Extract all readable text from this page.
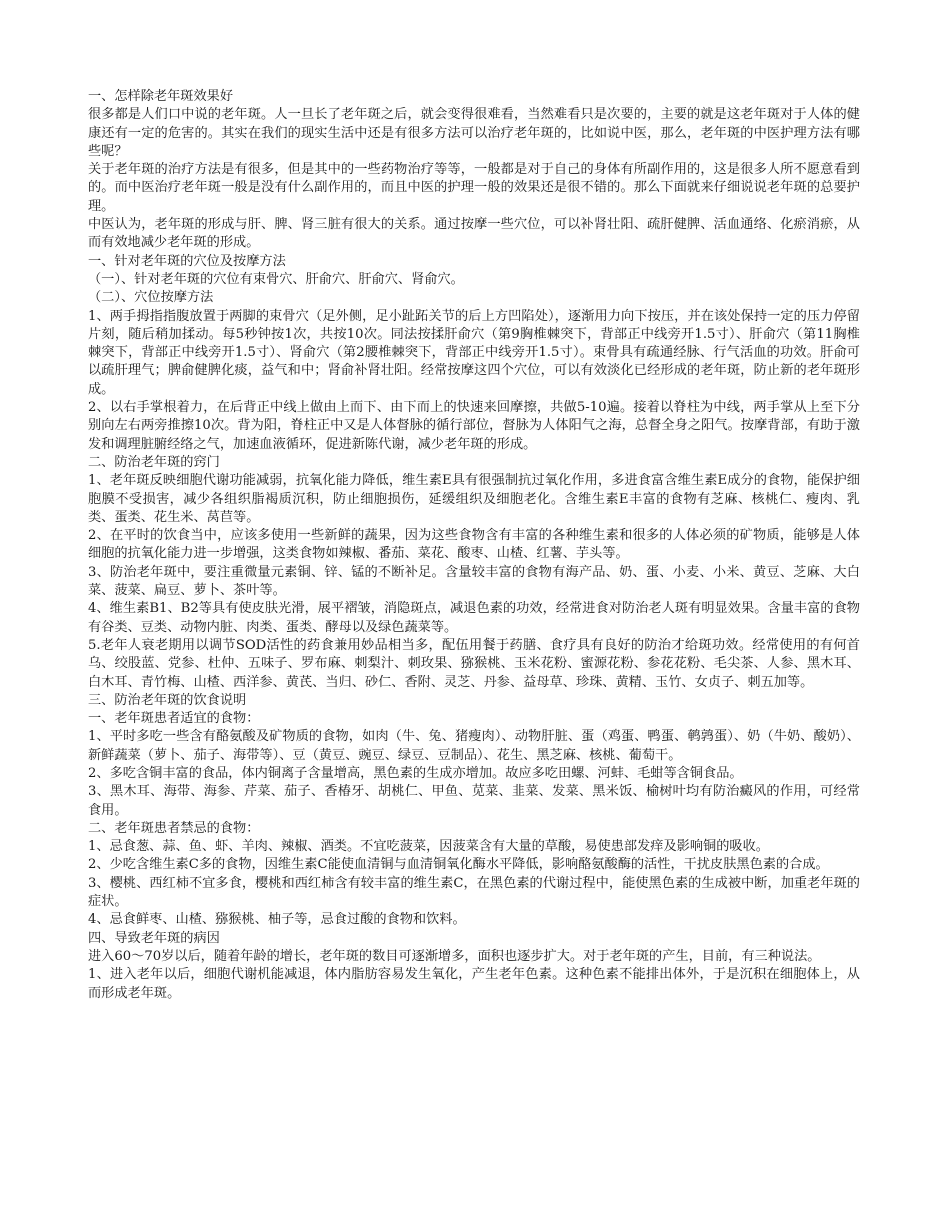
一、怎样除老年斑效果好

很多都是人们口中说的老年斑。人一旦长了老年斑之后，就会变得很难看，当然难看只是次要的，主要的就是这老年斑对于人体的健康还有一定的危害的。其实在我们的现实生活中还是有很多方法可以治疗老年斑的，比如说中医，那么，老年斑的中医护理方法有哪些呢？

关于老年斑的治疗方法是有很多，但是其中的一些药物治疗等等，一般都是对于自己的身体有所副作用的，这是很多人所不愿意看到的。而中医治疗老年斑一般是没有什么副作用的，而且中医的护理一般的效果还是很不错的。那么下面就来仔细说说老年斑的总要护理。

中医认为，老年斑的形成与肝、脾、肾三脏有很大的关系。通过按摩一些穴位，可以补肾壮阳、疏肝健脾、活血通络、化瘀消瘀，从而有效地减少老年斑的形成。

一、针对老年斑的穴位及按摩方法

（一）、针对老年斑的穴位有束骨穴、肝俞穴、肝俞穴、肾俞穴。

（二）、穴位按摩方法

1、两手拇指指腹放置于两脚的束骨穴（足外侧，足小趾跖关节的后上方凹陷处），逐渐用力向下按压，并在该处保持一定的压力停留片刻，随后稍加揉动。每5秒钟按1次，共按10次。同法按揉肝俞穴（第9胸椎棘突下，背部正中线旁开1.5寸）、肝俞穴（第11胸椎棘突下，背部正中线旁开1.5寸）、肾俞穴（第2腰椎棘突下，背部正中线旁开1.5寸）。束骨具有疏通经脉、行气活血的功效。肝俞可以疏肝理气；脾俞健脾化痰，益气和中；肾俞补肾壮阳。经常按摩这四个穴位，可以有效淡化已经形成的老年斑，防止新的老年斑形成。

2、以右手掌根着力，在后背正中线上做由上而下、由下而上的快速来回摩擦，共做5-10遍。接着以脊柱为中线，两手掌从上至下分别向左右两旁推擦10次。背为阳，脊柱正中又是人体督脉的循行部位，督脉为人体阳气之海，总督全身之阳气。按摩背部，有助于激发和调理脏腑经络之气，加速血液循环，促进新陈代谢，减少老年斑的形成。

二、防治老年斑的窍门

1、老年斑反映细胞代谢功能减弱，抗氧化能力降低，维生素E具有很强制抗过氧化作用，多进食富含维生素E成分的食物，能保护细胞膜不受损害，减少各组织脂褐质沉积，防止细胞损伤，延缓组织及细胞老化。含维生素E丰富的食物有芝麻、核桃仁、瘦肉、乳类、蛋类、花生米、莴苣等。

2、在平时的饮食当中，应该多使用一些新鲜的蔬果，因为这些食物含有丰富的各种维生素和很多的人体必须的矿物质，能够是人体细胞的抗氧化能力进一步增强，这类食物如辣椒、番茄、菜花、酸枣、山楂、红薯、芋头等。

3、防治老年斑中，要注重微量元素铜、锌、锰的不断补足。含量较丰富的食物有海产品、奶、蛋、小麦、小米、黄豆、芝麻、大白菜、菠菜、扁豆、萝卜、茶叶等。

4、维生素B1、B2等具有使皮肤光滑，展平褶皱，消隐斑点，减退色素的功效，经常进食对防治老人斑有明显效果。含量丰富的食物有谷类、豆类、动物内脏、肉类、蛋类、酵母以及绿色蔬菜等。

5.老年人衰老期用以调节SOD活性的药食兼用妙品相当多，配伍用餐于药膳、食疗具有良好的防治才给斑功效。经常使用的有何首乌、绞股蓝、党参、杜仲、五味子、罗布麻、刺梨汁、刺玫果、猕猴桃、玉米花粉、蜜源花粉、参花花粉、毛尖茶、人参、黑木耳、白木耳、青竹梅、山楂、西洋参、黄芪、当归、砂仁、香附、灵芝、丹参、益母草、珍珠、黄精、玉竹、女贞子、刺五加等。

三、防治老年斑的饮食说明

一、老年斑患者适宜的食物：

1、平时多吃一些含有酪氨酸及矿物质的食物，如肉（牛、兔、猪瘦肉）、动物肝脏、蛋（鸡蛋、鸭蛋、鹌鹑蛋）、奶（牛奶、酸奶）、新鲜蔬菜（萝卜、茄子、海带等）、豆（黄豆、豌豆、绿豆、豆制品）、花生、黑芝麻、核桃、葡萄干。

2、多吃含铜丰富的食品，体内铜离子含量增高，黑色素的生成亦增加。故应多吃田螺、河蚌、毛蚶等含铜食品。

3、黑木耳、海带、海参、芹菜、茄子、香椿牙、胡桃仁、甲鱼、苋菜、韭菜、发菜、黑米饭、榆树叶均有防治癜风的作用，可经常食用。

二、老年斑患者禁忌的食物：

1、忌食葱、蒜、鱼、虾、羊肉、辣椒、酒类。不宜吃菠菜，因菠菜含有大量的草酸，易使患部发痒及影响铜的吸收。

2、少吃含维生素C多的食物，因维生素C能使血清铜与血清铜氧化酶水平降低，影响酪氨酸酶的活性，干扰皮肤黑色素的合成。

3、樱桃、西红柿不宜多食，樱桃和西红柿含有较丰富的维生素C，在黑色素的代谢过程中，能使黑色素的生成被中断，加重老年斑的症状。

4、忌食鲜枣、山楂、猕猴桃、柚子等，忌食过酸的食物和饮料。

四、导致老年斑的病因

进入60～70岁以后，随着年龄的增长，老年斑的数目可逐渐增多，面积也逐步扩大。对于老年斑的产生，目前，有三种说法。

1、进入老年以后，细胞代谢机能减退，体内脂肪容易发生氧化，产生老年色素。这种色素不能排出体外，于是沉积在细胞体上，从而形成老年斑。
